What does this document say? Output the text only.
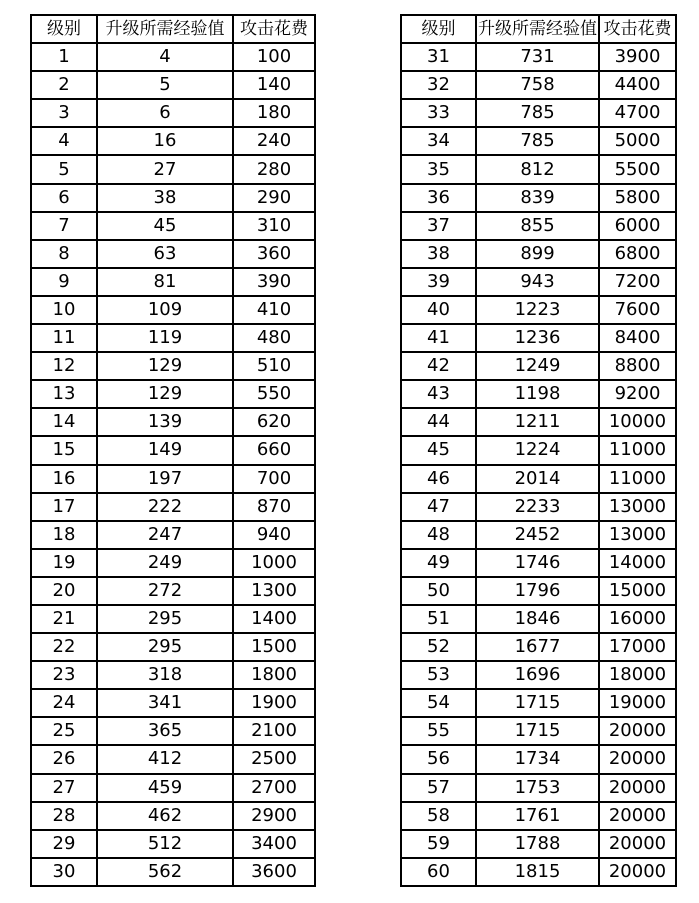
级别	升级所需经验值	攻击花费
1	4	100
2	5	140
3	6	180
4	16	240
5	27	280
6	38	290
7	45	310
8	63	360
9	81	390
10	109	410
11	119	480
12	129	510
13	129	550
14	139	620
15	149	660
16	197	700
17	222	870
18	247	940
19	249	1000
20	272	1300
21	295	1400
22	295	1500
23	318	1800
24	341	1900
25	365	2100
26	412	2500
27	459	2700
28	462	2900
29	512	3400
30	562	3600
级别	升级所需经验值	攻击花费
31	731	3900
32	758	4400
33	785	4700
34	785	5000
35	812	5500
36	839	5800
37	855	6000
38	899	6800
39	943	7200
40	1223	7600
41	1236	8400
42	1249	8800
43	1198	9200
44	1211	10000
45	1224	11000
46	2014	11000
47	2233	13000
48	2452	13000
49	1746	14000
50	1796	15000
51	1846	16000
52	1677	17000
53	1696	18000
54	1715	19000
55	1715	20000
56	1734	20000
57	1753	20000
58	1761	20000
59	1788	20000
60	1815	20000
